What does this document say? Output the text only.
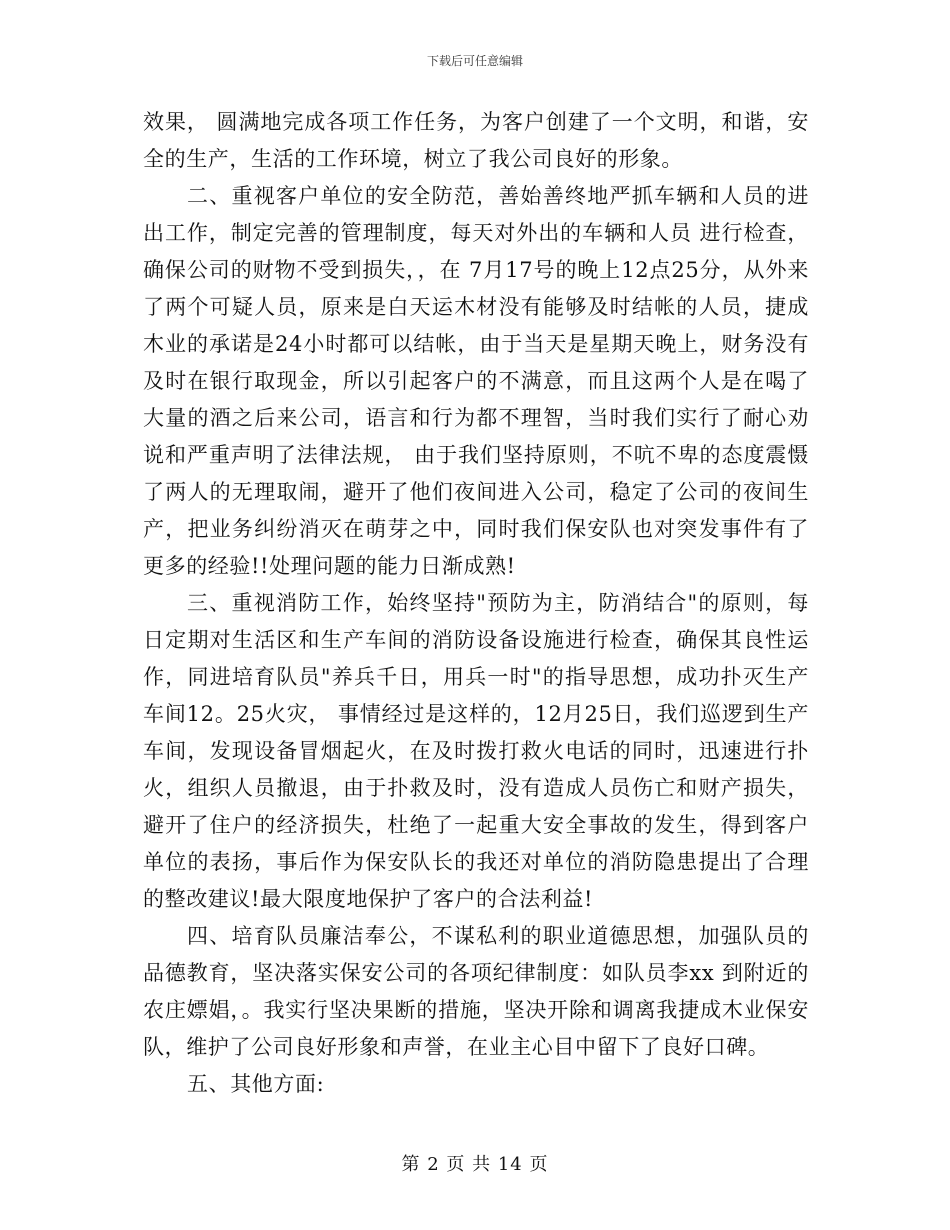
下载后可任意编辑

效果， 圆满地完成各项工作任务，为客户创建了一个文明，和谐，安全的生产，生活的工作环境，树立了我公司良好的形象。

二、重视客户单位的安全防范，善始善终地严抓车辆和人员的进出工作，制定完善的管理制度，每天对外出的车辆和人员 进行检查，确保公司的财物不受到损失，，在 7月17号的晚上12点25分，从外来了两个可疑人员，原来是白天运木材没有能够及时结帐的人员，捷成木业的承诺是24小时都可以结帐，由于当天是星期天晚上，财务没有及时在银行取现金，所以引起客户的不满意，而且这两个人是在喝了大量的酒之后来公司，语言和行为都不理智，当时我们实行了耐心劝说和严重声明了法律法规， 由于我们坚持原则，不吭不卑的态度震慑了两人的无理取闹，避开了他们夜间进入公司，稳定了公司的夜间生产，把业务纠纷消灭在萌芽之中，同时我们保安队也对突发事件有了更多的经验!!处理问题的能力日渐成熟!

三、重视消防工作，始终坚持"预防为主，防消结合"的原则，每日定期对生活区和生产车间的消防设备设施进行检查，确保其良性运作，同进培育队员"养兵千日，用兵一时"的指导思想，成功扑灭生产车间12。25火灾， 事情经过是这样的，12月25日，我们巡逻到生产车间，发现设备冒烟起火，在及时拨打救火电话的同时，迅速进行扑火，组织人员撤退，由于扑救及时，没有造成人员伤亡和财产损失，避开了住户的经济损失，杜绝了一起重大安全事故的发生，得到客户单位的表扬，事后作为保安队长的我还对单位的消防隐患提出了合理的整改建议!最大限度地保护了客户的合法利益!

四、培育队员廉洁奉公，不谋私利的职业道德思想，加强队员的品德教育，坚决落实保安公司的各项纪律制度：如队员李xx 到附近的农庄嫖娼，。我实行坚决果断的措施，坚决开除和调离我捷成木业保安队，维护了公司良好形象和声誉，在业主心目中留下了良好口碑。

五、其他方面:

第 2 页 共 14 页
